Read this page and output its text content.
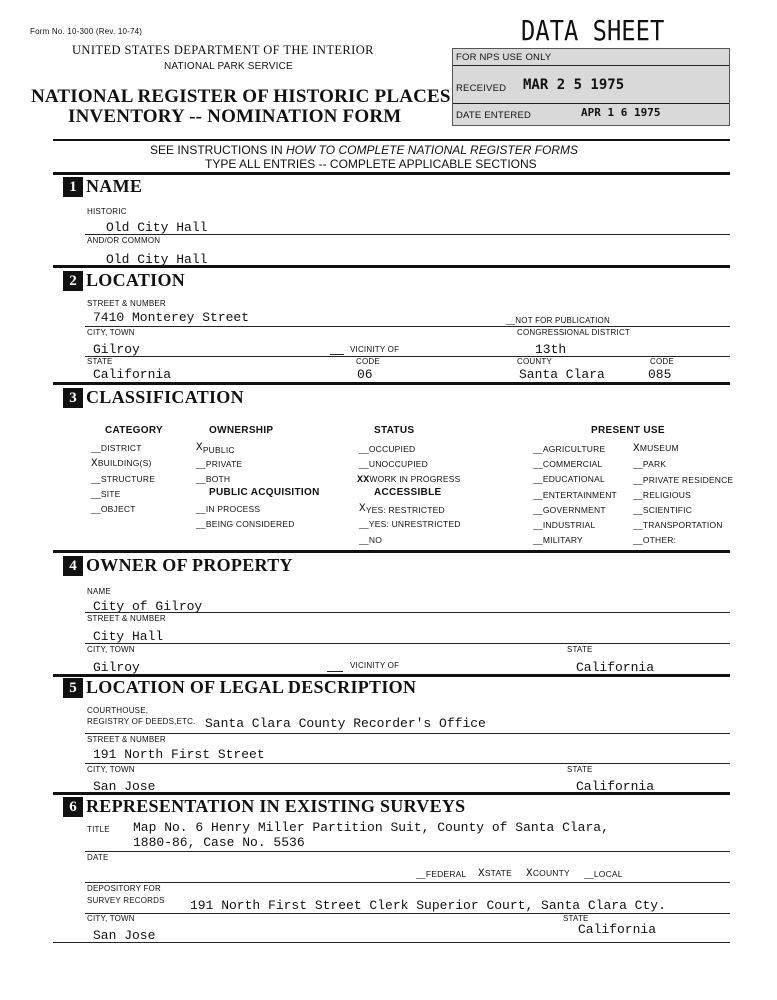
Form No. 10-300 (Rev. 10-74)
UNITED STATES DEPARTMENT OF THE INTERIOR
NATIONAL PARK SERVICE
NATIONAL REGISTER OF HISTORIC PLACES
INVENTORY -- NOMINATION FORM
DATA SHEET
FOR NPS USE ONLY
RECEIVED MAR 2 5 1975
DATE ENTERED	APR 1 6 1975
SEE INSTRUCTIONS IN HOW TO COMPLETE NATIONAL REGISTER FORMS
TYPE ALL ENTRIES -- COMPLETE APPLICABLE SECTIONS
1 NAME
HISTORIC
Old City Hall
AND/OR COMMON
Old City Hall
2 LOCATION
STREET & NUMBER
7410 Monterey Street	__NOT FOR PUBLICATION
CITY, TOWN	CONGRESSIONAL DISTRICT
Gilroy	VICINITY OF	13th
STATE	CODE	COUNTY	CODE
California	06	Santa Clara	085
3 CLASSIFICATION
CATEGORY
__DISTRICT
XBUILDING(S)
__STRUCTURE
__SITE
__OBJECT
OWNERSHIP
XPUBLIC
__PRIVATE
__BOTH
PUBLIC ACQUISITION
__IN PROCESS
__BEING CONSIDERED
STATUS
__OCCUPIED
__UNOCCUPIED
XXWORK IN PROGRESS
ACCESSIBLE
XYES: RESTRICTED
__YES: UNRESTRICTED
__NO
PRESENT USE
__AGRICULTURE
__COMMERCIAL
__EDUCATIONAL
__ENTERTAINMENT
__GOVERNMENT
__INDUSTRIAL
__MILITARY
XMUSEUM
__PARK
__PRIVATE RESIDENCE
__RELIGIOUS
__SCIENTIFIC
__TRANSPORTATION
__OTHER:
4 OWNER OF PROPERTY
NAME
City of Gilroy
STREET & NUMBER
City Hall
CITY, TOWN	STATE
Gilroy	VICINITY OF	California
5 LOCATION OF LEGAL DESCRIPTION
COURTHOUSE,
REGISTRY OF DEEDS,ETC. Santa Clara County Recorder's Office
STREET & NUMBER
191 North First Street
CITY, TOWN	STATE
San Jose	California
6 REPRESENTATION IN EXISTING SURVEYS
TITLE Map No. 6 Henry Miller Partition Suit, County of Santa Clara,
1880-86, Case No. 5536
DATE
__FEDERAL XSTATE XCOUNTY __LOCAL
DEPOSITORY FOR
SURVEY RECORDS 191 North First Street Clerk Superior Court, Santa Clara Cty.
CITY, TOWN	STATE
San Jose	California
